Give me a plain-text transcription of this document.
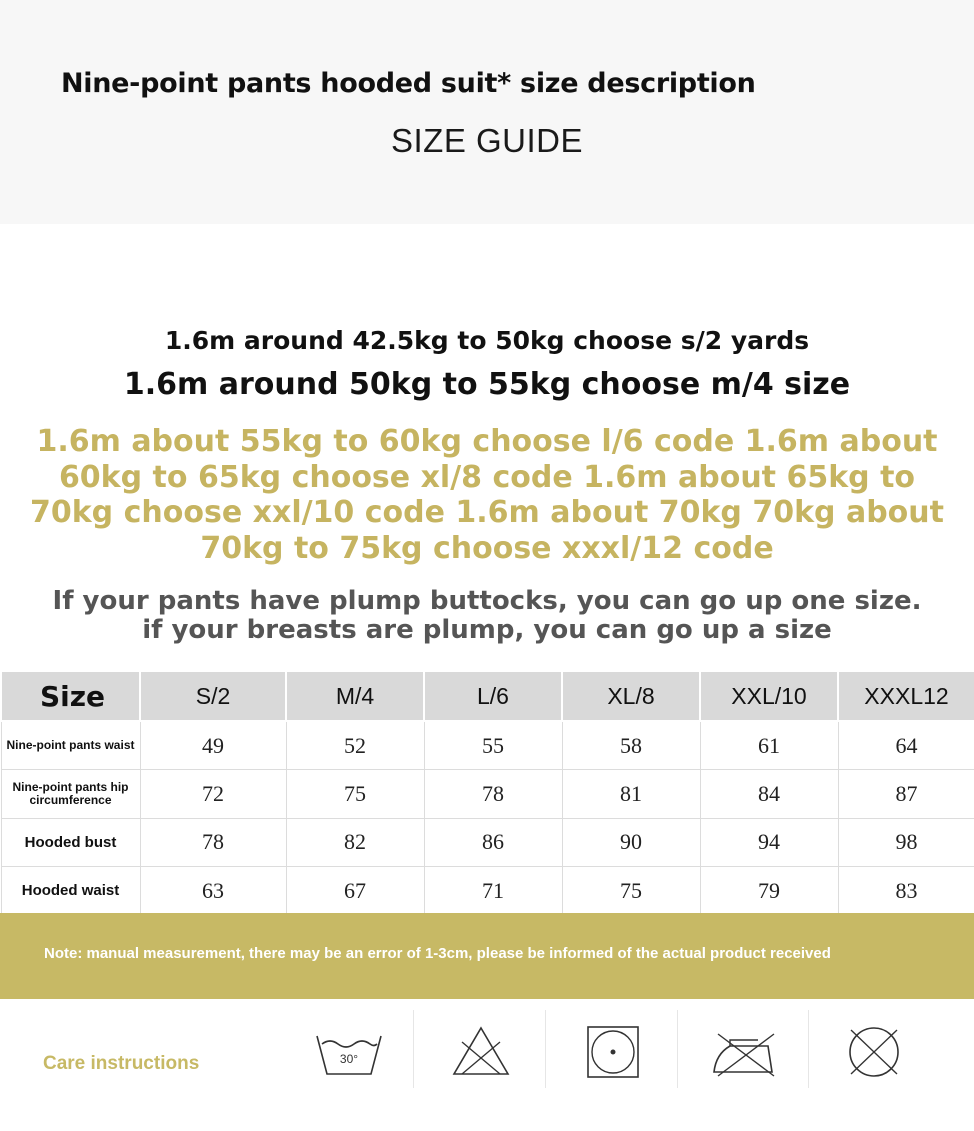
Nine-point pants hooded suit* size description
SIZE GUIDE
1.6m around 42.5kg to 50kg choose s/2 yards
1.6m around 50kg to 55kg choose m/4 size
1.6m about 55kg to 60kg choose l/6 code 1.6m about 60kg to 65kg choose xl/8 code 1.6m about 65kg to 70kg choose xxl/10 code 1.6m about 70kg 70kg about 70kg to 75kg choose xxxl/12 code
If your pants have plump buttocks, you can go up one size. if your breasts are plump, you can go up a size
Size	S/2	M/4	L/6	XL/8	XXL/10	XXXL12
Nine-point pants waist	49	52	55	58	61	64
Nine-point pants hip circumference	72	75	78	81	84	87
Hooded bust	78	82	86	90	94	98
Hooded waist	63	67	71	75	79	83
Note: manual measurement, there may be an error of 1-3cm, please be informed of the actual product received
Care instructions	30°
